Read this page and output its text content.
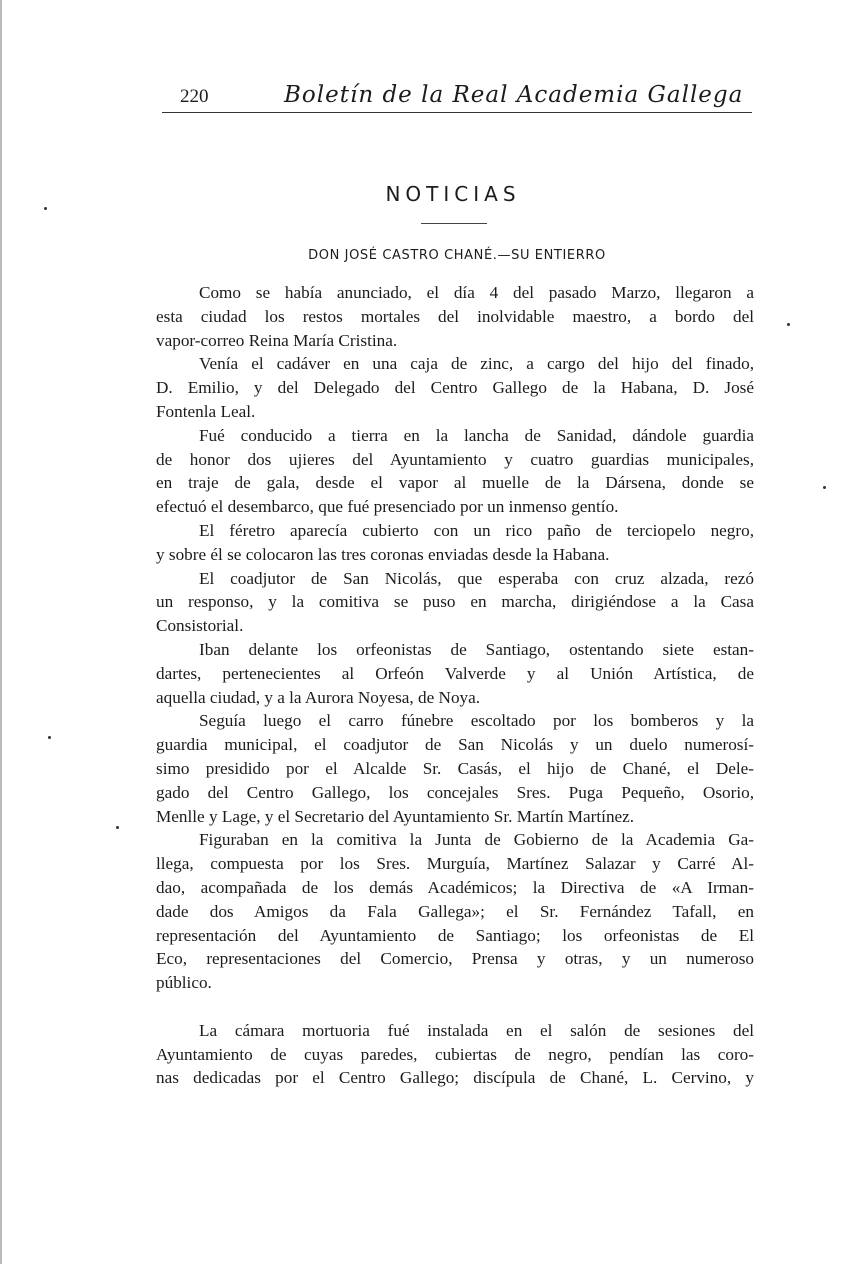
220	Boletín de la Real Academia Gallega
NOTICIAS
DON JOSÉ CASTRO CHANÉ.—SU ENTIERRO
Como se había anunciado, el día 4 del pasado Marzo, llegaron a
esta ciudad los restos mortales del inolvidable maestro, a bordo del
vapor-correo Reina María Cristina.
Venía el cadáver en una caja de zinc, a cargo del hijo del finado,
D. Emilio, y del Delegado del Centro Gallego de la Habana, D. José
Fontenla Leal.
Fué conducido a tierra en la lancha de Sanidad, dándole guardia
de honor dos ujieres del Ayuntamiento y cuatro guardias municipales,
en traje de gala, desde el vapor al muelle de la Dársena, donde se
efectuó el desembarco, que fué presenciado por un inmenso gentío.
El féretro aparecía cubierto con un rico paño de terciopelo negro,
y sobre él se colocaron las tres coronas enviadas desde la Habana.
El coadjutor de San Nicolás, que esperaba con cruz alzada, rezó
un responso, y la comitiva se puso en marcha, dirigiéndose a la Casa
Consistorial.
Iban delante los orfeonistas de Santiago, ostentando siete estan-
dartes, pertenecientes al Orfeón Valverde y al Unión Artística, de
aquella ciudad, y a la Aurora Noyesa, de Noya.
Seguía luego el carro fúnebre escoltado por los bomberos y la
guardia municipal, el coadjutor de San Nicolás y un duelo numerosí-
simo presidido por el Alcalde Sr. Casás, el hijo de Chané, el Dele-
gado del Centro Gallego, los concejales Sres. Puga Pequeño, Osorio,
Menlle y Lage, y el Secretario del Ayuntamiento Sr. Martín Martínez.
Figuraban en la comitiva la Junta de Gobierno de la Academia Ga-
llega, compuesta por los Sres. Murguía, Martínez Salazar y Carré Al-
dao, acompañada de los demás Académicos; la Directiva de «A Irman-
dade dos Amigos da Fala Gallega»; el Sr. Fernández Tafall, en
representación del Ayuntamiento de Santiago; los orfeonistas de El
Eco, representaciones del Comercio, Prensa y otras, y un numeroso
público.
La cámara mortuoria fué instalada en el salón de sesiones del
Ayuntamiento de cuyas paredes, cubiertas de negro, pendían las coro-
nas dedicadas por el Centro Gallego; discípula de Chané, L. Cervino, y
